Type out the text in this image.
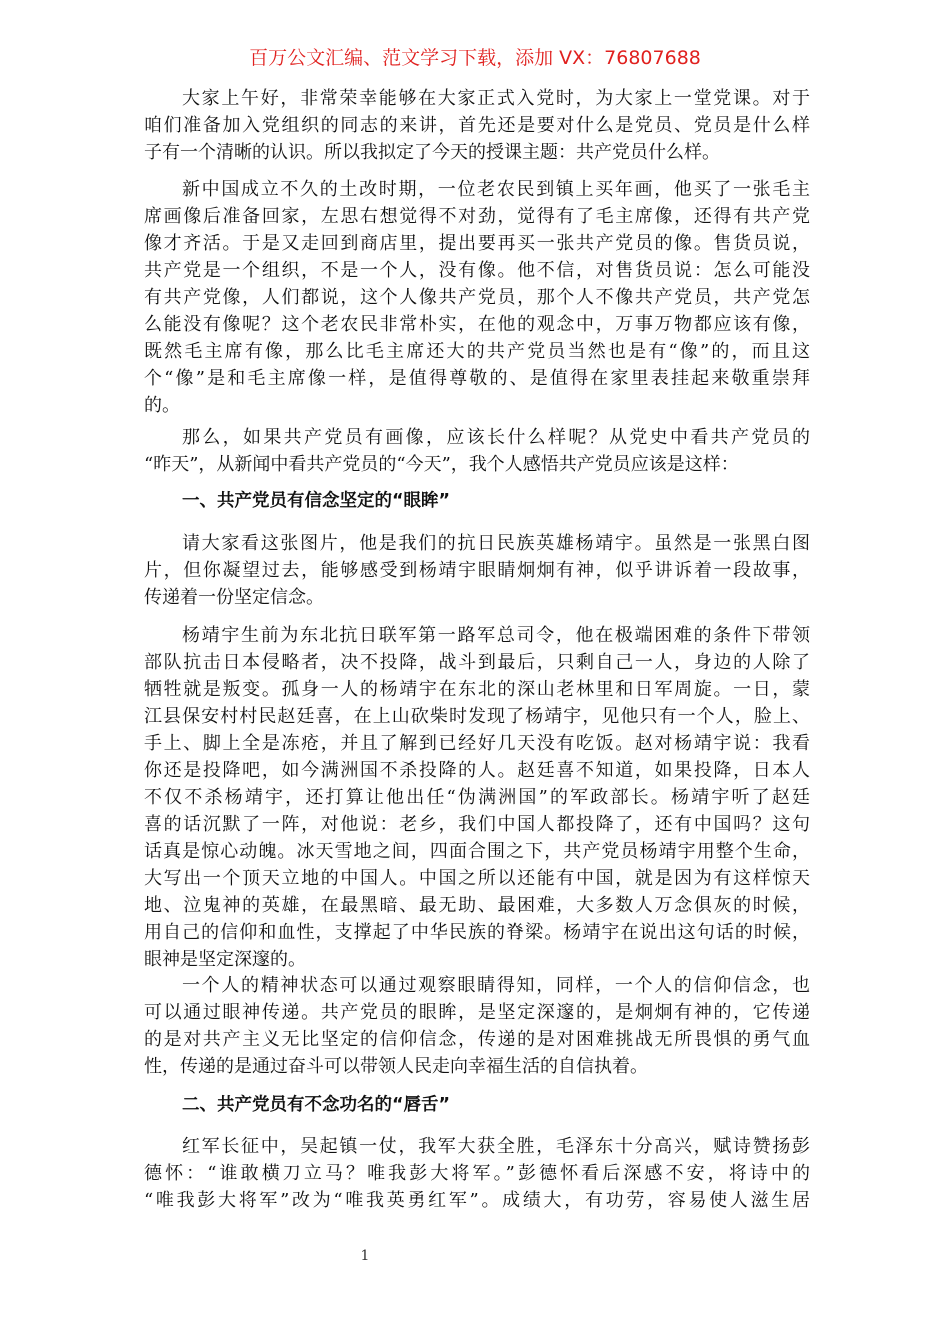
百万公文汇编、范文学习下载，添加 VX：76807688
大家上午好，非常荣幸能够在大家正式入党时，为大家上一堂党课。对于
咱们准备加入党组织的同志的来讲，首先还是要对什么是党员、党员是什么样
子有一个清晰的认识。所以我拟定了今天的授课主题：共产党员什么样。
新中国成立不久的土改时期，一位老农民到镇上买年画，他买了一张毛主
席画像后准备回家，左思右想觉得不对劲，觉得有了毛主席像，还得有共产党
像才齐活。于是又走回到商店里，提出要再买一张共产党员的像。售货员说，
共产党是一个组织，不是一个人，没有像。他不信，对售货员说：怎么可能没
有共产党像，人们都说，这个人像共产党员，那个人不像共产党员，共产党怎
么能没有像呢？这个老农民非常朴实，在他的观念中，万事万物都应该有像，
既然毛主席有像，那么比毛主席还大的共产党员当然也是有“像”的，而且这
个“像”是和毛主席像一样，是值得尊敬的、是值得在家里表挂起来敬重崇拜
的。
那么，如果共产党员有画像，应该长什么样呢？从党史中看共产党员的
“昨天”，从新闻中看共产党员的“今天”，我个人感悟共产党员应该是这样：
一、共产党员有信念坚定的“眼眸”
请大家看这张图片，他是我们的抗日民族英雄杨靖宇。虽然是一张黑白图
片，但你凝望过去，能够感受到杨靖宇眼睛炯炯有神，似乎讲诉着一段故事，
传递着一份坚定信念。
杨靖宇生前为东北抗日联军第一路军总司令，他在极端困难的条件下带领
部队抗击日本侵略者，决不投降，战斗到最后，只剩自己一人，身边的人除了
牺牲就是叛变。孤身一人的杨靖宇在东北的深山老林里和日军周旋。一日，蒙
江县保安村村民赵廷喜，在上山砍柴时发现了杨靖宇，见他只有一个人，脸上、
手上、脚上全是冻疮，并且了解到已经好几天没有吃饭。赵对杨靖宇说：我看
你还是投降吧，如今满洲国不杀投降的人。赵廷喜不知道，如果投降，日本人
不仅不杀杨靖宇，还打算让他出任“伪满洲国”的军政部长。杨靖宇听了赵廷
喜的话沉默了一阵，对他说：老乡，我们中国人都投降了，还有中国吗？这句
话真是惊心动魄。冰天雪地之间，四面合围之下，共产党员杨靖宇用整个生命，
大写出一个顶天立地的中国人。中国之所以还能有中国，就是因为有这样惊天
地、泣鬼神的英雄，在最黑暗、最无助、最困难，大多数人万念俱灰的时候，
用自己的信仰和血性，支撑起了中华民族的脊梁。杨靖宇在说出这句话的时候，
眼神是坚定深邃的。
一个人的精神状态可以通过观察眼睛得知，同样，一个人的信仰信念，也
可以通过眼神传递。共产党员的眼眸，是坚定深邃的，是炯炯有神的，它传递
的是对共产主义无比坚定的信仰信念，传递的是对困难挑战无所畏惧的勇气血
性，传递的是通过奋斗可以带领人民走向幸福生活的自信执着。
二、共产党员有不念功名的“唇舌”
红军长征中，吴起镇一仗，我军大获全胜，毛泽东十分高兴，赋诗赞扬彭
德怀：“谁敢横刀立马？唯我彭大将军。”彭德怀看后深感不安，将诗中的
“唯我彭大将军”改为“唯我英勇红军”。成绩大，有功劳，容易使人滋生居
1
